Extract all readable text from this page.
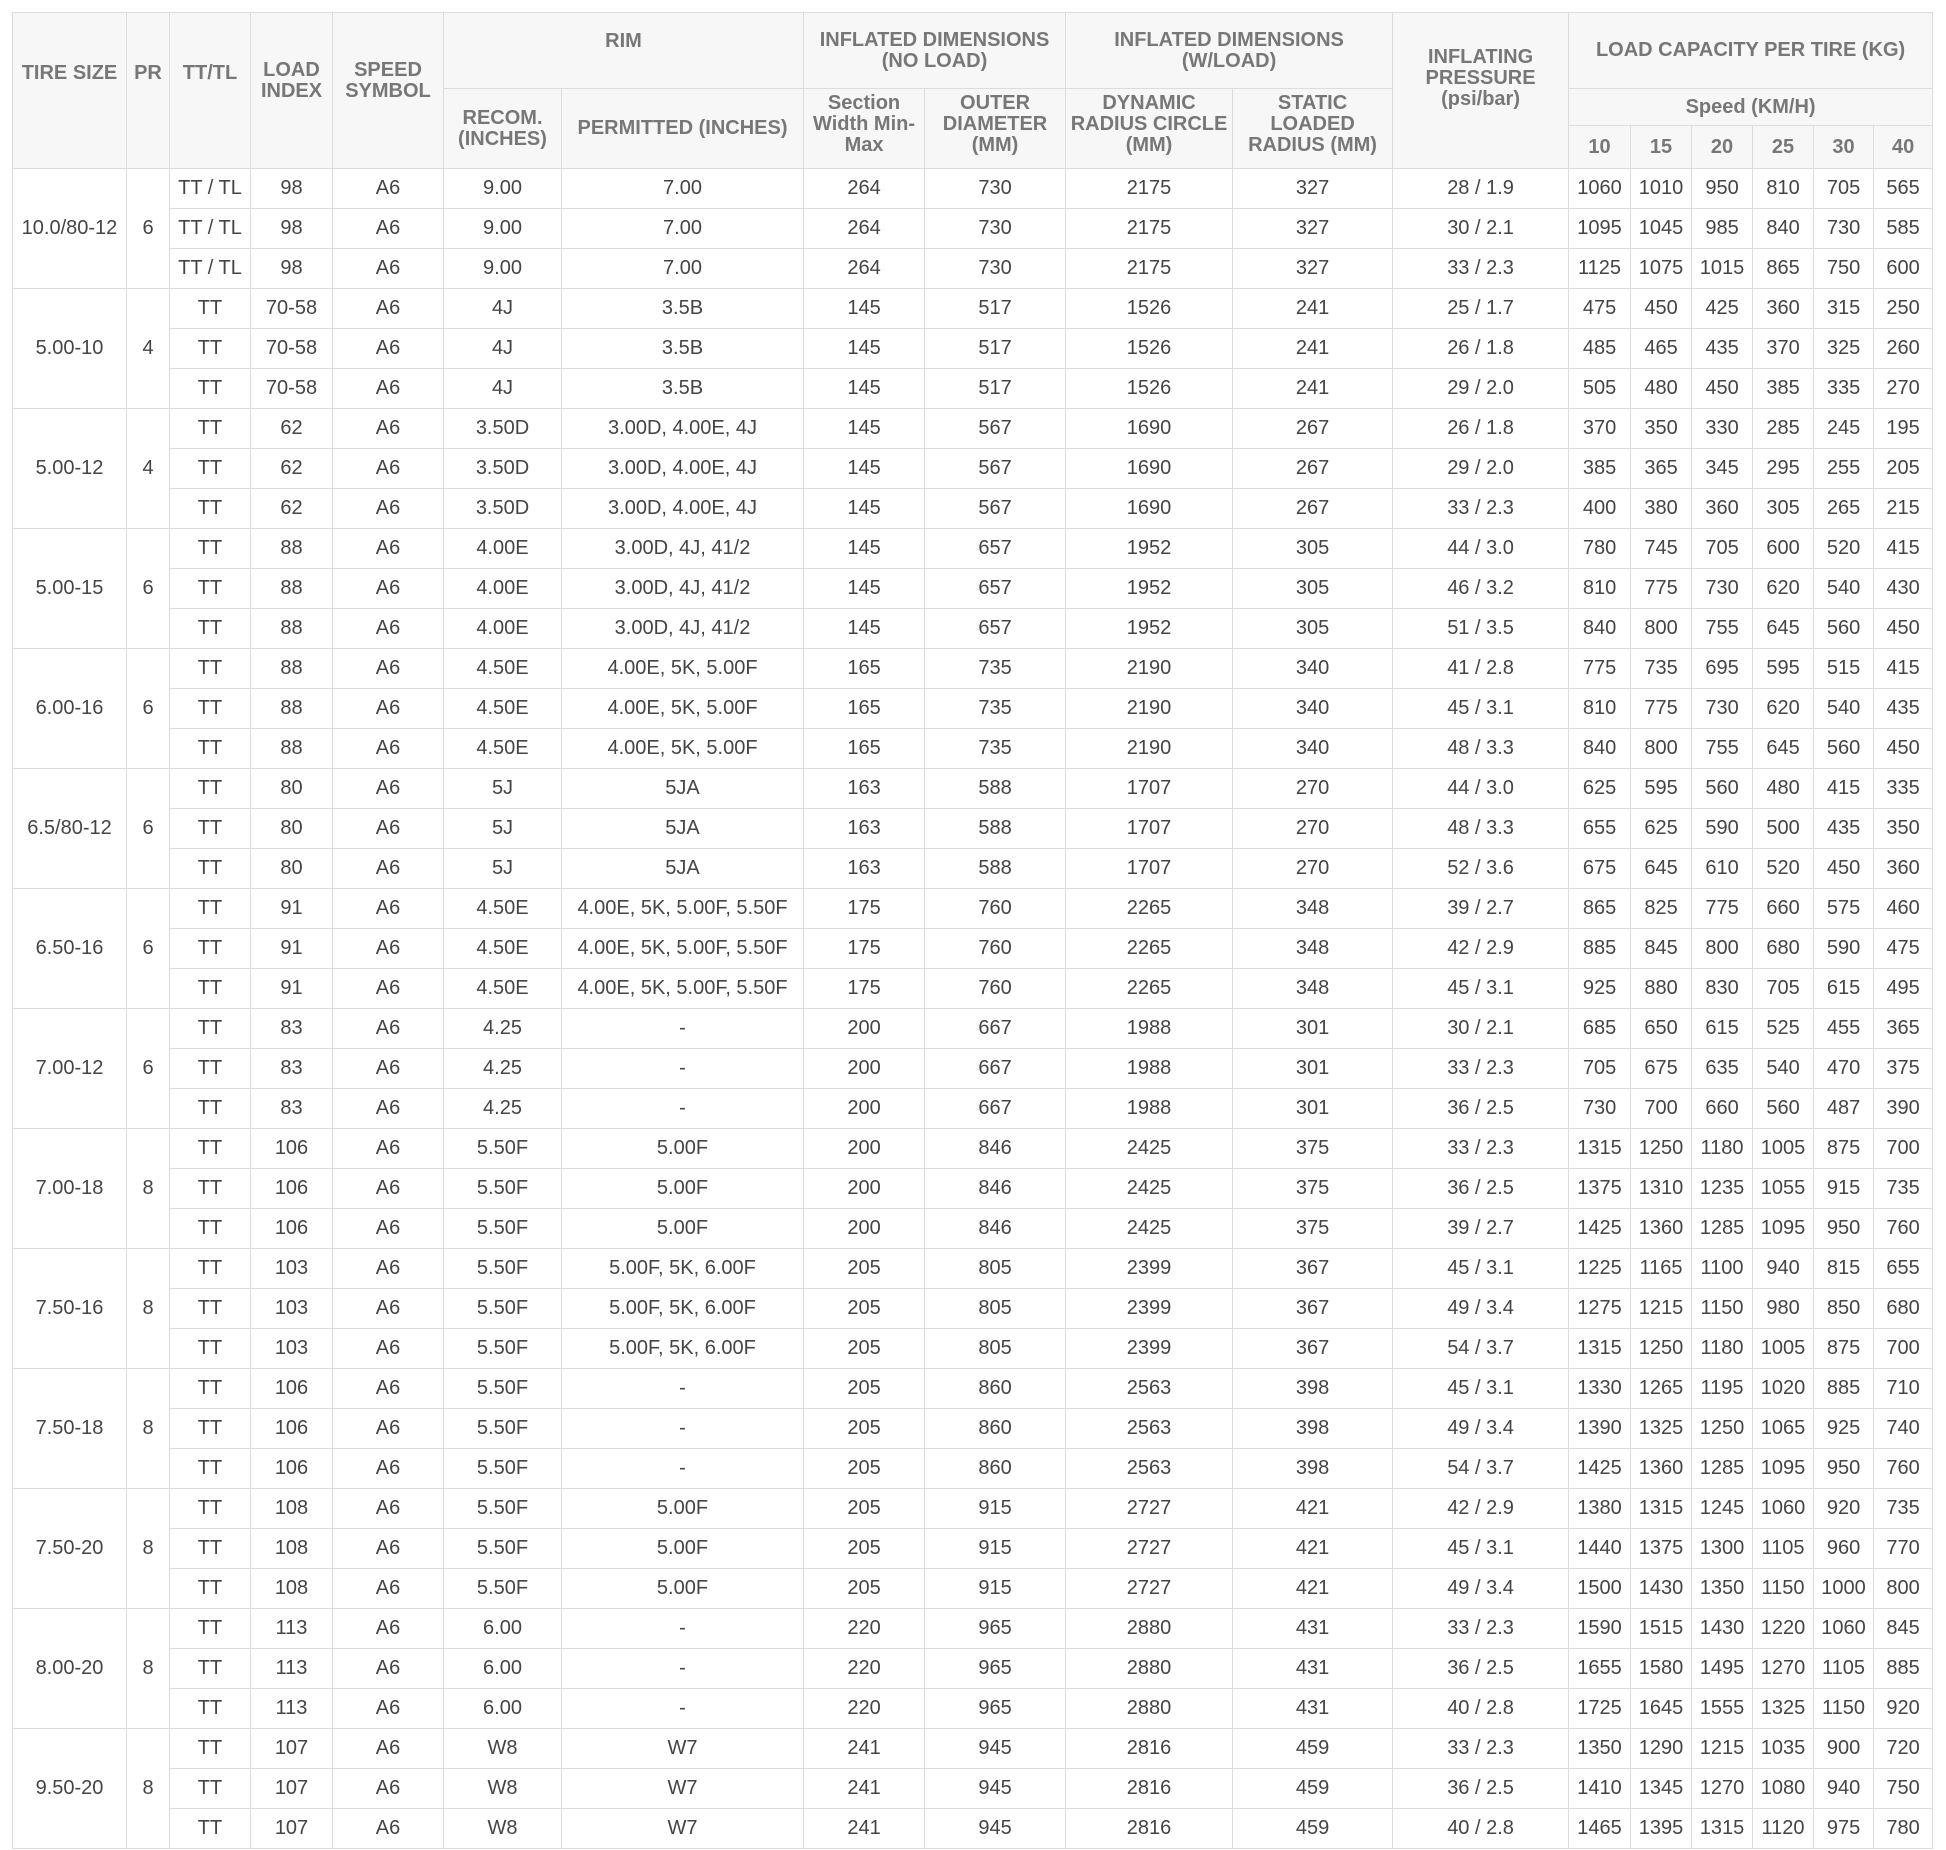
TIRE SIZE	PR	TT/TL	LOAD INDEX	SPEED SYMBOL	RIM		INFLATED DIMENSIONS (NO LOAD)		INFLATED DIMENSIONS (W/LOAD)		INFLATING PRESSURE (psi/bar)	LOAD CAPACITY PER TIRE (KG)					
					RECOM. (INCHES)	PERMITTED (INCHES)	Section Width Min-Max	OUTER DIAMETER (MM)	DYNAMIC RADIUS CIRCLE (MM)	STATIC LOADED RADIUS (MM)		Speed (KM/H)					
												10	15	20	25	30	40
10.0/80-12	6	TT / TL	98	A6	9.00	7.00	264	730	2175	327	28 / 1.9	1060	1010	950	810	705	565
		TT / TL	98	A6	9.00	7.00	264	730	2175	327	30 / 2.1	1095	1045	985	840	730	585
		TT / TL	98	A6	9.00	7.00	264	730	2175	327	33 / 2.3	1125	1075	1015	865	750	600
5.00-10	4	TT	70-58	A6	4J	3.5B	145	517	1526	241	25 / 1.7	475	450	425	360	315	250
		TT	70-58	A6	4J	3.5B	145	517	1526	241	26 / 1.8	485	465	435	370	325	260
		TT	70-58	A6	4J	3.5B	145	517	1526	241	29 / 2.0	505	480	450	385	335	270
5.00-12	4	TT	62	A6	3.50D	3.00D, 4.00E, 4J	145	567	1690	267	26 / 1.8	370	350	330	285	245	195
		TT	62	A6	3.50D	3.00D, 4.00E, 4J	145	567	1690	267	29 / 2.0	385	365	345	295	255	205
		TT	62	A6	3.50D	3.00D, 4.00E, 4J	145	567	1690	267	33 / 2.3	400	380	360	305	265	215
5.00-15	6	TT	88	A6	4.00E	3.00D, 4J, 41/2	145	657	1952	305	44 / 3.0	780	745	705	600	520	415
		TT	88	A6	4.00E	3.00D, 4J, 41/2	145	657	1952	305	46 / 3.2	810	775	730	620	540	430
		TT	88	A6	4.00E	3.00D, 4J, 41/2	145	657	1952	305	51 / 3.5	840	800	755	645	560	450
6.00-16	6	TT	88	A6	4.50E	4.00E, 5K, 5.00F	165	735	2190	340	41 / 2.8	775	735	695	595	515	415
		TT	88	A6	4.50E	4.00E, 5K, 5.00F	165	735	2190	340	45 / 3.1	810	775	730	620	540	435
		TT	88	A6	4.50E	4.00E, 5K, 5.00F	165	735	2190	340	48 / 3.3	840	800	755	645	560	450
6.5/80-12	6	TT	80	A6	5J	5JA	163	588	1707	270	44 / 3.0	625	595	560	480	415	335
		TT	80	A6	5J	5JA	163	588	1707	270	48 / 3.3	655	625	590	500	435	350
		TT	80	A6	5J	5JA	163	588	1707	270	52 / 3.6	675	645	610	520	450	360
6.50-16	6	TT	91	A6	4.50E	4.00E, 5K, 5.00F, 5.50F	175	760	2265	348	39 / 2.7	865	825	775	660	575	460
		TT	91	A6	4.50E	4.00E, 5K, 5.00F, 5.50F	175	760	2265	348	42 / 2.9	885	845	800	680	590	475
		TT	91	A6	4.50E	4.00E, 5K, 5.00F, 5.50F	175	760	2265	348	45 / 3.1	925	880	830	705	615	495
7.00-12	6	TT	83	A6	4.25	-	200	667	1988	301	30 / 2.1	685	650	615	525	455	365
		TT	83	A6	4.25	-	200	667	1988	301	33 / 2.3	705	675	635	540	470	375
		TT	83	A6	4.25	-	200	667	1988	301	36 / 2.5	730	700	660	560	487	390
7.00-18	8	TT	106	A6	5.50F	5.00F	200	846	2425	375	33 / 2.3	1315	1250	1180	1005	875	700
		TT	106	A6	5.50F	5.00F	200	846	2425	375	36 / 2.5	1375	1310	1235	1055	915	735
		TT	106	A6	5.50F	5.00F	200	846	2425	375	39 / 2.7	1425	1360	1285	1095	950	760
7.50-16	8	TT	103	A6	5.50F	5.00F, 5K, 6.00F	205	805	2399	367	45 / 3.1	1225	1165	1100	940	815	655
		TT	103	A6	5.50F	5.00F, 5K, 6.00F	205	805	2399	367	49 / 3.4	1275	1215	1150	980	850	680
		TT	103	A6	5.50F	5.00F, 5K, 6.00F	205	805	2399	367	54 / 3.7	1315	1250	1180	1005	875	700
7.50-18	8	TT	106	A6	5.50F	-	205	860	2563	398	45 / 3.1	1330	1265	1195	1020	885	710
		TT	106	A6	5.50F	-	205	860	2563	398	49 / 3.4	1390	1325	1250	1065	925	740
		TT	106	A6	5.50F	-	205	860	2563	398	54 / 3.7	1425	1360	1285	1095	950	760
7.50-20	8	TT	108	A6	5.50F	5.00F	205	915	2727	421	42 / 2.9	1380	1315	1245	1060	920	735
		TT	108	A6	5.50F	5.00F	205	915	2727	421	45 / 3.1	1440	1375	1300	1105	960	770
		TT	108	A6	5.50F	5.00F	205	915	2727	421	49 / 3.4	1500	1430	1350	1150	1000	800
8.00-20	8	TT	113	A6	6.00	-	220	965	2880	431	33 / 2.3	1590	1515	1430	1220	1060	845
		TT	113	A6	6.00	-	220	965	2880	431	36 / 2.5	1655	1580	1495	1270	1105	885
		TT	113	A6	6.00	-	220	965	2880	431	40 / 2.8	1725	1645	1555	1325	1150	920
9.50-20	8	TT	107	A6	W8	W7	241	945	2816	459	33 / 2.3	1350	1290	1215	1035	900	720
		TT	107	A6	W8	W7	241	945	2816	459	36 / 2.5	1410	1345	1270	1080	940	750
		TT	107	A6	W8	W7	241	945	2816	459	40 / 2.8	1465	1395	1315	1120	975	780
